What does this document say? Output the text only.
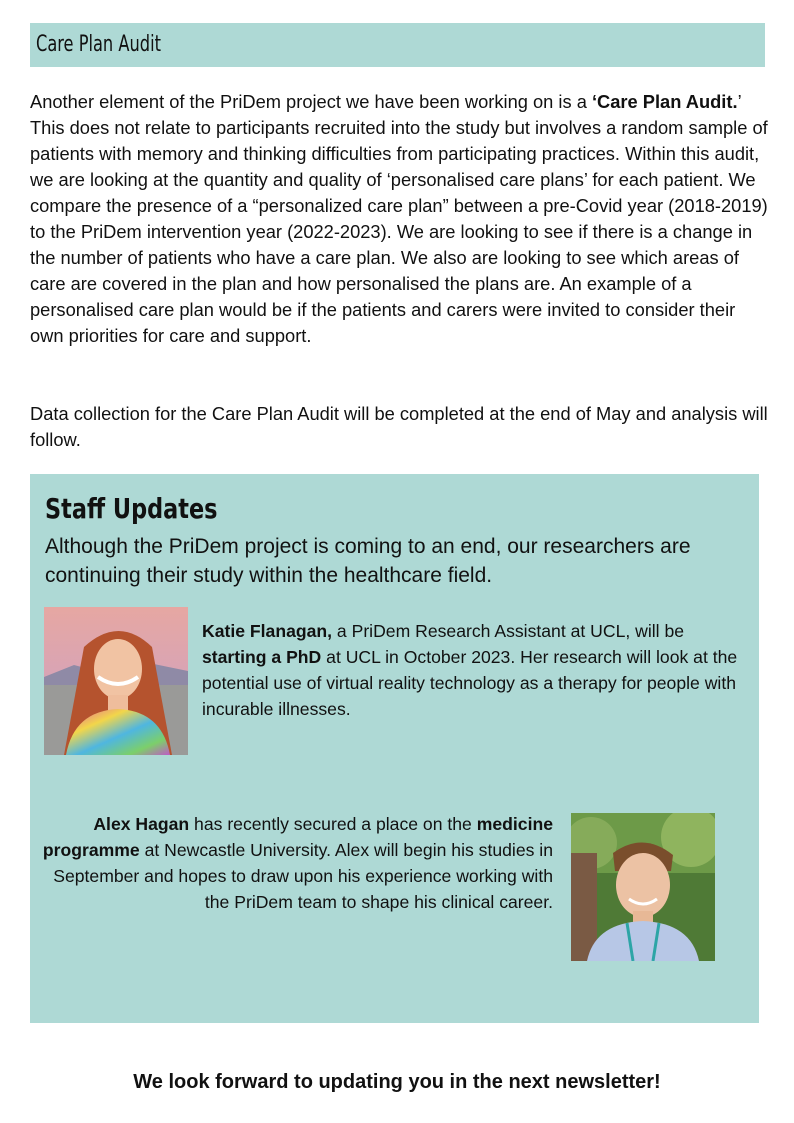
Care Plan Audit

Another element of the PriDem project we have been working on is a ‘Care Plan Audit.’ This does not relate to participants recruited into the study but involves a random sample of patients with memory and thinking difficulties from participating practices. Within this audit, we are looking at the quantity and quality of ‘personalised care plans’ for each patient. We compare the presence of a “personalized care plan” between a pre-Covid year (2018-2019) to the PriDem intervention year (2022-2023). We are looking to see if there is a change in the number of patients who have a care plan. We also are looking to see which areas of care are covered in the plan and how personalised the plans are. An example of a personalised care plan would be if the patients and carers were invited to consider their own priorities for care and support.

Data collection for the Care Plan Audit will be completed at the end of May and analysis will follow.

Staff Updates

Although the PriDem project is coming to an end, our researchers are continuing their study within the healthcare field.

Katie Flanagan, a PriDem Research Assistant at UCL, will be starting a PhD at UCL in October 2023. Her research will look at the potential use of virtual reality technology as a therapy for people with incurable illnesses.

Alex Hagan has recently secured a place on the medicine programme at Newcastle University. Alex will begin his studies in September and hopes to draw upon his experience working with the PriDem team to shape his clinical career.

We look forward to updating you in the next newsletter!
